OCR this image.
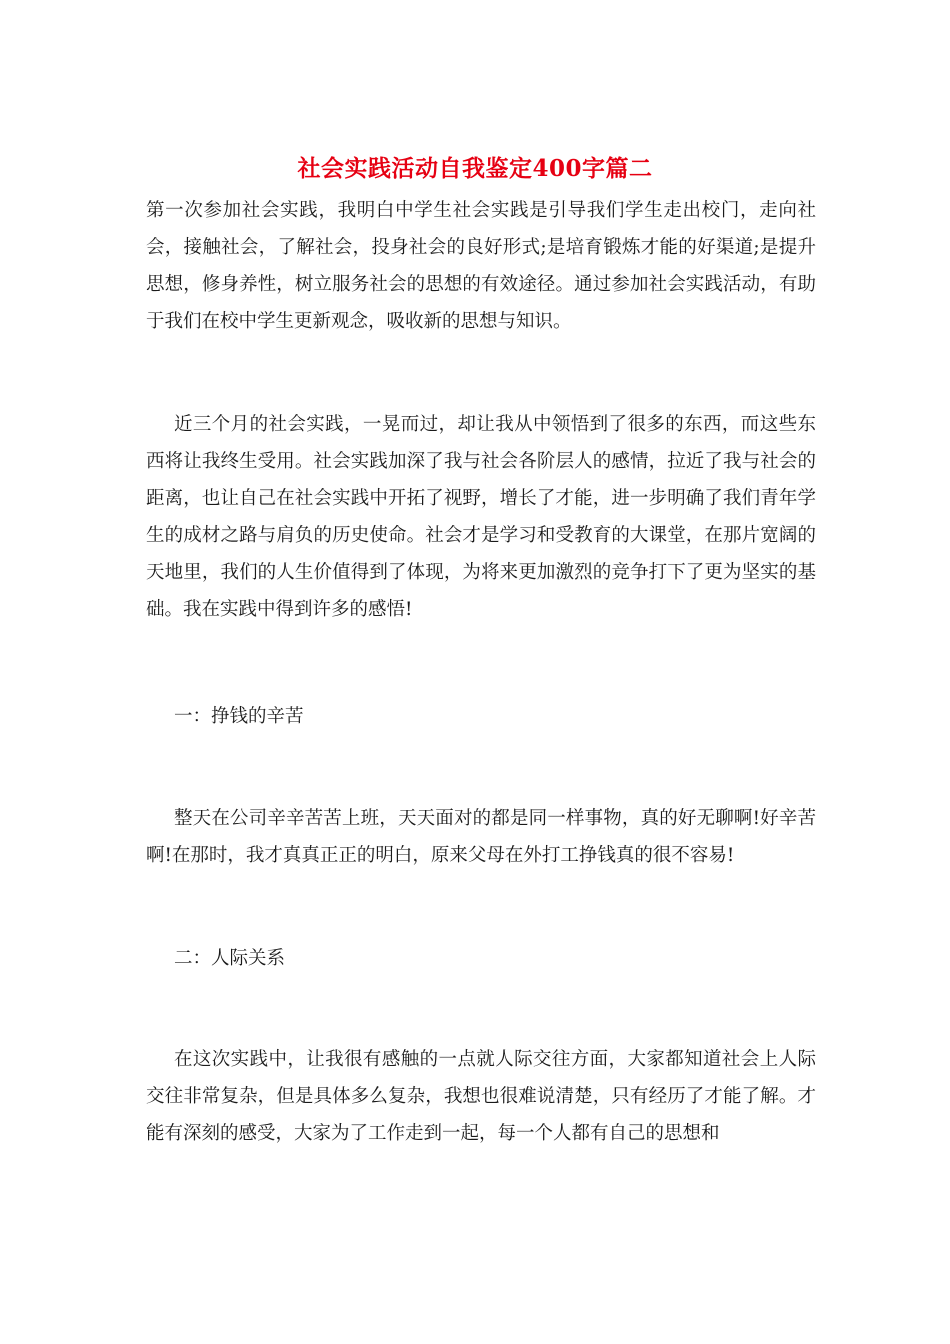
社会实践活动自我鉴定400字篇二
第一次参加社会实践，我明白中学生社会实践是引导我们学生走出校门，走向社会，接触社会，了解社会，投身社会的良好形式;是培育锻炼才能的好渠道;是提升思想，修身养性，树立服务社会的思想的有效途径。通过参加社会实践活动，有助于我们在校中学生更新观念，吸收新的思想与知识。
近三个月的社会实践，一晃而过，却让我从中领悟到了很多的东西，而这些东西将让我终生受用。社会实践加深了我与社会各阶层人的感情，拉近了我与社会的距离，也让自己在社会实践中开拓了视野，增长了才能，进一步明确了我们青年学生的成材之路与肩负的历史使命。社会才是学习和受教育的大课堂，在那片宽阔的天地里，我们的人生价值得到了体现，为将来更加激烈的竞争打下了更为坚实的基础。我在实践中得到许多的感悟!
一：挣钱的辛苦
整天在公司辛辛苦苦上班，天天面对的都是同一样事物，真的好无聊啊!好辛苦啊!在那时，我才真真正正的明白，原来父母在外打工挣钱真的很不容易!
二：人际关系
在这次实践中，让我很有感触的一点就人际交往方面，大家都知道社会上人际交往非常复杂，但是具体多么复杂，我想也很难说清楚，只有经历了才能了解。才能有深刻的感受，大家为了工作走到一起，每一个人都有自己的思想和
